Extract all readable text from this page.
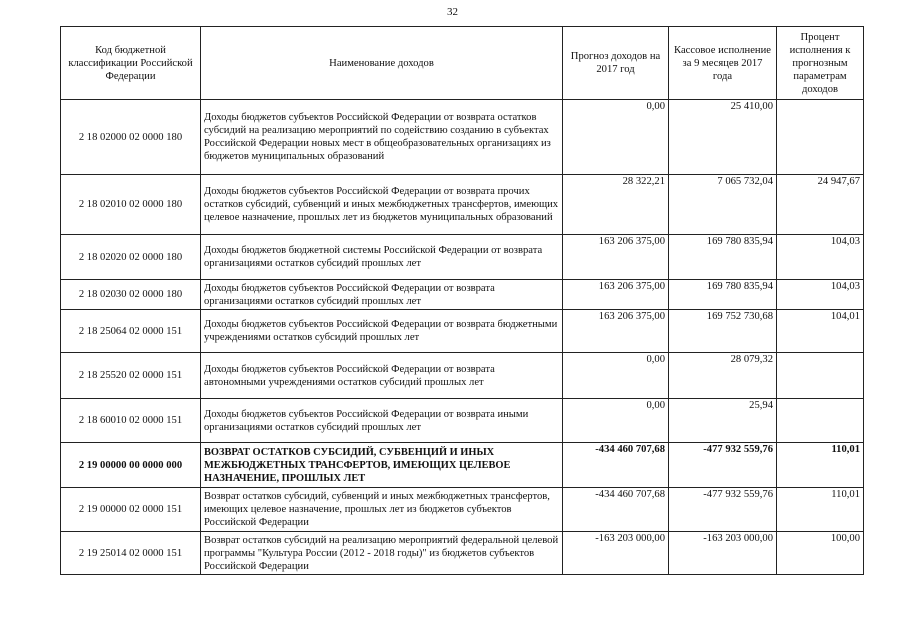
32
Код бюджетной классификации Российской Федерации	Наименование доходов	Прогноз доходов на 2017 год	Кассовое исполнение за 9 месяцев 2017 года	Процент исполнения к прогнозным параметрам доходов
2 18 02000 02 0000 180	Доходы бюджетов субъектов Российской Федерации от возврата остатков субсидий на реализацию мероприятий по содействию созданию в субъектах Российской Федерации новых мест в общеобразовательных организациях из бюджетов муниципальных образований	0,00	25 410,00	
2 18 02010 02 0000 180	Доходы бюджетов субъектов Российской Федерации от возврата прочих остатков субсидий, субвенций и иных межбюджетных трансфертов, имеющих целевое назначение, прошлых лет из бюджетов муниципальных образований	28 322,21	7 065 732,04	24 947,67
2 18 02020 02 0000 180	Доходы бюджетов бюджетной системы Российской Федерации от возврата организациями остатков субсидий прошлых лет	163 206 375,00	169 780 835,94	104,03
2 18 02030 02 0000 180	Доходы бюджетов субъектов Российской Федерации от возврата организациями остатков субсидий прошлых лет	163 206 375,00	169 780 835,94	104,03
2 18 25064 02 0000 151	Доходы бюджетов субъектов Российской Федерации от возврата бюджетными учреждениями остатков субсидий прошлых лет	163 206 375,00	169 752 730,68	104,01
2 18 25520 02 0000 151	Доходы бюджетов субъектов Российской Федерации от возврата автономными учреждениями остатков субсидий прошлых лет	0,00	28 079,32	
2 18 60010 02 0000 151	Доходы бюджетов субъектов Российской Федерации от возврата иными организациями остатков субсидий прошлых лет	0,00	25,94	
2 19 00000 00 0000 000	ВОЗВРАТ ОСТАТКОВ СУБСИДИЙ, СУБВЕНЦИЙ И ИНЫХ МЕЖБЮДЖЕТНЫХ ТРАНСФЕРТОВ, ИМЕЮЩИХ ЦЕЛЕВОЕ НАЗНАЧЕНИЕ, ПРОШЛЫХ ЛЕТ	-434 460 707,68	-477 932 559,76	110,01
2 19 00000 02 0000 151	Возврат остатков субсидий, субвенций и иных межбюджетных трансфертов, имеющих целевое назначение, прошлых лет из бюджетов субъектов Российской Федерации	-434 460 707,68	-477 932 559,76	110,01
2 19 25014 02 0000 151	Возврат остатков субсидий на реализацию мероприятий федеральной целевой программы "Культура России (2012 - 2018 годы)" из бюджетов субъектов Российской Федерации	-163 203 000,00	-163 203 000,00	100,00
